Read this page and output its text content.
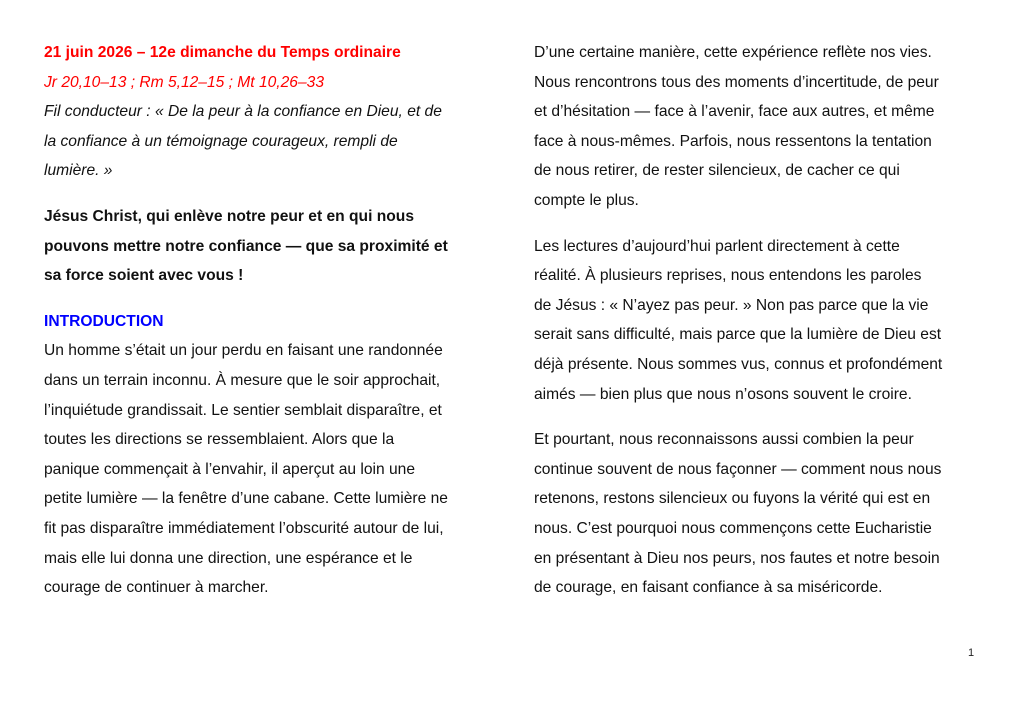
21 juin 2026 – 12e dimanche du Temps ordinaire
Jr 20,10–13 ; Rm 5,12–15 ; Mt 10,26–33
Fil conducteur : « De la peur à la confiance en Dieu, et de
la confiance à un témoignage courageux, rempli de
lumière. »
Jésus Christ, qui enlève notre peur et en qui nous
pouvons mettre notre confiance — que sa proximité et
sa force soient avec vous !
INTRODUCTION
Un homme s’était un jour perdu en faisant une randonnée
dans un terrain inconnu. À mesure que le soir approchait,
l’inquiétude grandissait. Le sentier semblait disparaître, et
toutes les directions se ressemblaient. Alors que la
panique commençait à l’envahir, il aperçut au loin une
petite lumière — la fenêtre d’une cabane. Cette lumière ne
fit pas disparaître immédiatement l’obscurité autour de lui,
mais elle lui donna une direction, une espérance et le
courage de continuer à marcher.
D’une certaine manière, cette expérience reflète nos vies.
Nous rencontrons tous des moments d’incertitude, de peur
et d’hésitation — face à l’avenir, face aux autres, et même
face à nous-mêmes. Parfois, nous ressentons la tentation
de nous retirer, de rester silencieux, de cacher ce qui
compte le plus.
Les lectures d’aujourd’hui parlent directement à cette
réalité. À plusieurs reprises, nous entendons les paroles
de Jésus : « N’ayez pas peur. » Non pas parce que la vie
serait sans difficulté, mais parce que la lumière de Dieu est
déjà présente. Nous sommes vus, connus et profondément
aimés — bien plus que nous n’osons souvent le croire.
Et pourtant, nous reconnaissons aussi combien la peur
continue souvent de nous façonner — comment nous nous
retenons, restons silencieux ou fuyons la vérité qui est en
nous. C’est pourquoi nous commençons cette Eucharistie
en présentant à Dieu nos peurs, nos fautes et notre besoin
de courage, en faisant confiance à sa miséricorde.
1
